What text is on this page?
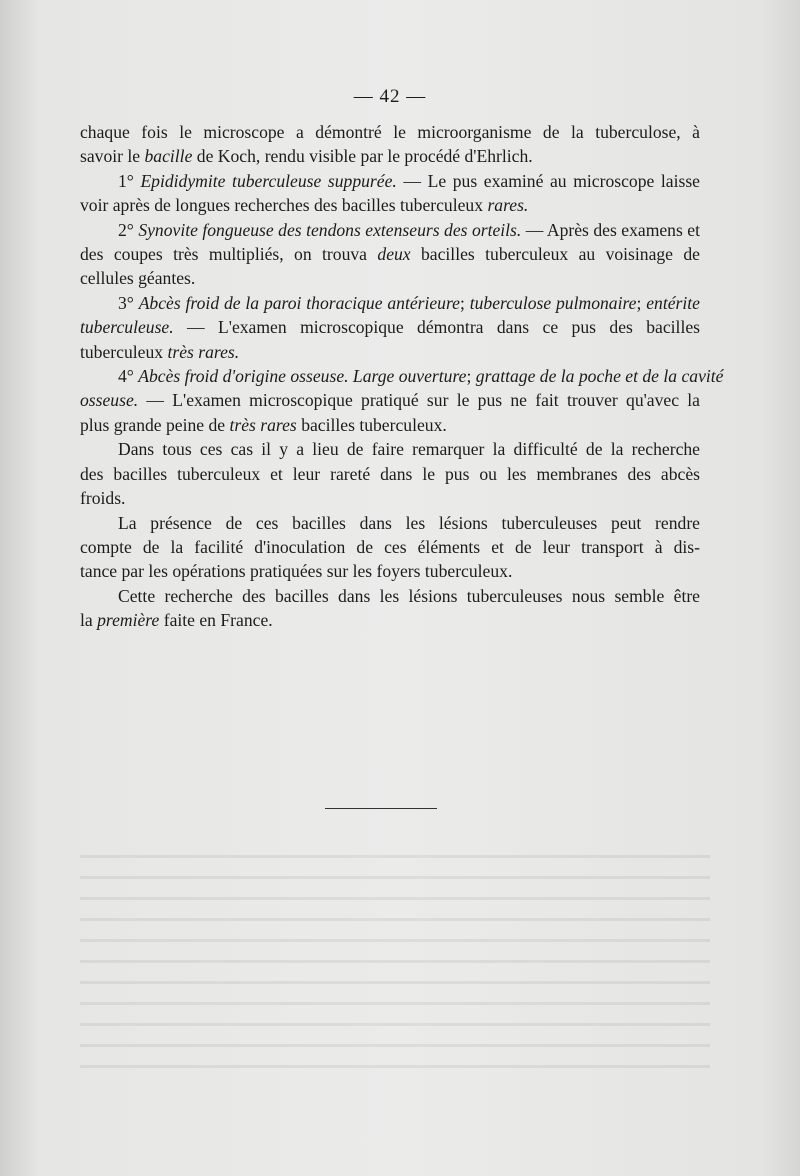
— 42 —
chaque fois le microscope a démontré le microorganisme de la tuberculose, à
savoir le bacille de Koch, rendu visible par le procédé d'Ehrlich.
1° Epididymite tuberculeuse suppurée. — Le pus examiné au microscope laisse
voir après de longues recherches des bacilles tuberculeux rares.
2° Synovite fongueuse des tendons extenseurs des orteils. — Après des examens et
des coupes très multipliés, on trouva deux bacilles tuberculeux au voisinage de
cellules géantes.
3° Abcès froid de la paroi thoracique antérieure; tuberculose pulmonaire; entérite
tuberculeuse. — L'examen microscopique démontra dans ce pus des bacilles
tuberculeux très rares.
4° Abcès froid d'origine osseuse. Large ouverture; grattage de la poche et de la cavité
osseuse. — L'examen microscopique pratiqué sur le pus ne fait trouver qu'avec la
plus grande peine de très rares bacilles tuberculeux.
Dans tous ces cas il y a lieu de faire remarquer la difficulté de la recherche
des bacilles tuberculeux et leur rareté dans le pus ou les membranes des abcès
froids.
La présence de ces bacilles dans les lésions tuberculeuses peut rendre
compte de la facilité d'inoculation de ces éléments et de leur transport à dis-
tance par les opérations pratiquées sur les foyers tuberculeux.
Cette recherche des bacilles dans les lésions tuberculeuses nous semble être
la première faite en France.
